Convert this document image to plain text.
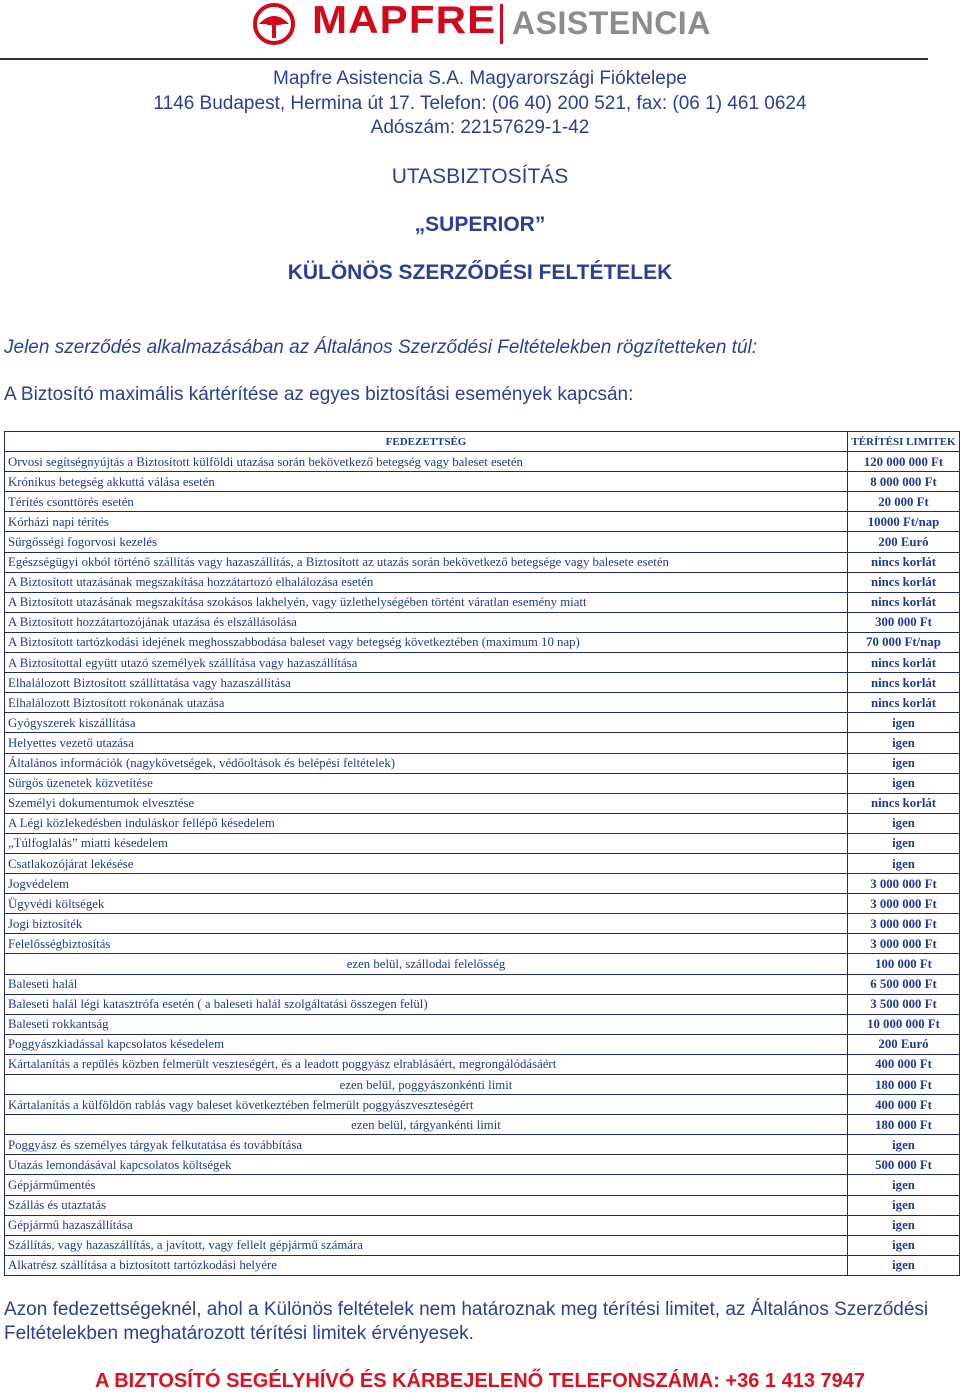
MAPFRE ASISTENCIA
Mapfre Asistencia S.A. Magyarországi Fióktelepe
1146 Budapest, Hermina út 17. Telefon: (06 40) 200 521, fax: (06 1) 461 0624
Adószám: 22157629-1-42
UTASBIZTOSÍTÁS
„SUPERIOR”
KÜLÖNÖS SZERZŐDÉSI FELTÉTELEK
Jelen szerződés alkalmazásában az Általános Szerződési Feltételekben rögzítetteken túl:
A Biztosító maximális kártérítése az egyes biztosítási események kapcsán:
FEDEZETTSÉG	TÉRÍTÉSI LIMITEK
Orvosi segítségnyújtás a Biztosított külföldi utazása során bekövetkező betegség vagy baleset esetén	120 000 000 Ft
Krónikus betegség akkuttá válása esetén	8 000 000 Ft
Térítés csonttörés esetén	20 000 Ft
Kórházi napi térítés	10000 Ft/nap
Sürgősségi fogorvosi kezelés	200 Euró
Egészségügyi okból történő szállítás vagy hazaszállítás, a Biztosított az utazás során bekövetkező betegsége vagy balesete esetén	nincs korlát
A Biztosított utazásának megszakítása hozzátartozó elhalálozása esetén	nincs korlát
A Biztosított utazásának megszakítása szokásos lakhelyén, vagy üzlethelységében történt váratlan esemény miatt	nincs korlát
A Biztosított hozzátartozójának utazása és elszállásolása	300 000 Ft
A Biztosított tartózkodási idejének meghosszabbodása baleset vagy betegség következtében (maximum 10 nap)	70 000 Ft/nap
A Biztosítottal együtt utazó személyek szállítása vagy hazaszállítása	nincs korlát
Elhalálozott Biztosított szállíttatása vagy hazaszállítása	nincs korlát
Elhalálozott Biztosított rokonának utazása	nincs korlát
Gyógyszerek kiszállítása	igen
Helyettes vezető utazása	igen
Általános információk (nagykövetségek, védőoltások és belépési feltételek)	igen
Sürgős üzenetek közvetítése	igen
Személyi dokumentumok elvesztése	nincs korlát
A Légi közlekedésben induláskor fellépő késedelem	igen
„Túlfoglalás” miatti késedelem	igen
Csatlakozójárat lekésése	igen
Jogvédelem	3 000 000 Ft
Ügyvédi költségek	3 000 000 Ft
Jogi biztosíték	3 000 000 Ft
Felelősségbiztosítás	3 000 000 Ft
ezen belül, szállodai felelősség	100 000 Ft
Baleseti halál	6 500 000 Ft
Baleseti halál légi katasztrófa esetén ( a baleseti halál szolgáltatási összegen felül)	3 500 000 Ft
Baleseti rokkantság	10 000 000 Ft
Poggyászkiadással kapcsolatos késedelem	200 Euró
Kártalanítás a repülés közben felmerült veszteségért, és a leadott poggyász elrablásáért, megrongálódásáért	400 000 Ft
ezen belül, poggyászonkénti limit	180 000 Ft
Kártalanítás a külföldön rablás vagy baleset következtében felmerült poggyászveszteségért	400 000 Ft
ezen belül, tárgyankénti limit	180 000 Ft
Poggyász és személyes tárgyak felkutatása és továbbítása	igen
Utazás lemondásával kapcsolatos költségek	500 000 Ft
Gépjárműmentés	igen
Szállás és utaztatás	igen
Gépjármű hazaszállítása	igen
Szállítás, vagy hazaszállítás, a javított, vagy fellelt gépjármű számára	igen
Alkatrész szállítása a biztosított tartózkodási helyére	igen
Azon fedezettségeknél, ahol a Különös feltételek nem határoznak meg térítési limitet, az Általános Szerződési Feltételekben meghatározott térítési limitek érvényesek.
A BIZTOSÍTÓ SEGÉLYHÍVÓ ÉS KÁRBEJELENŐ TELEFONSZÁMA: +36 1 413 7947
